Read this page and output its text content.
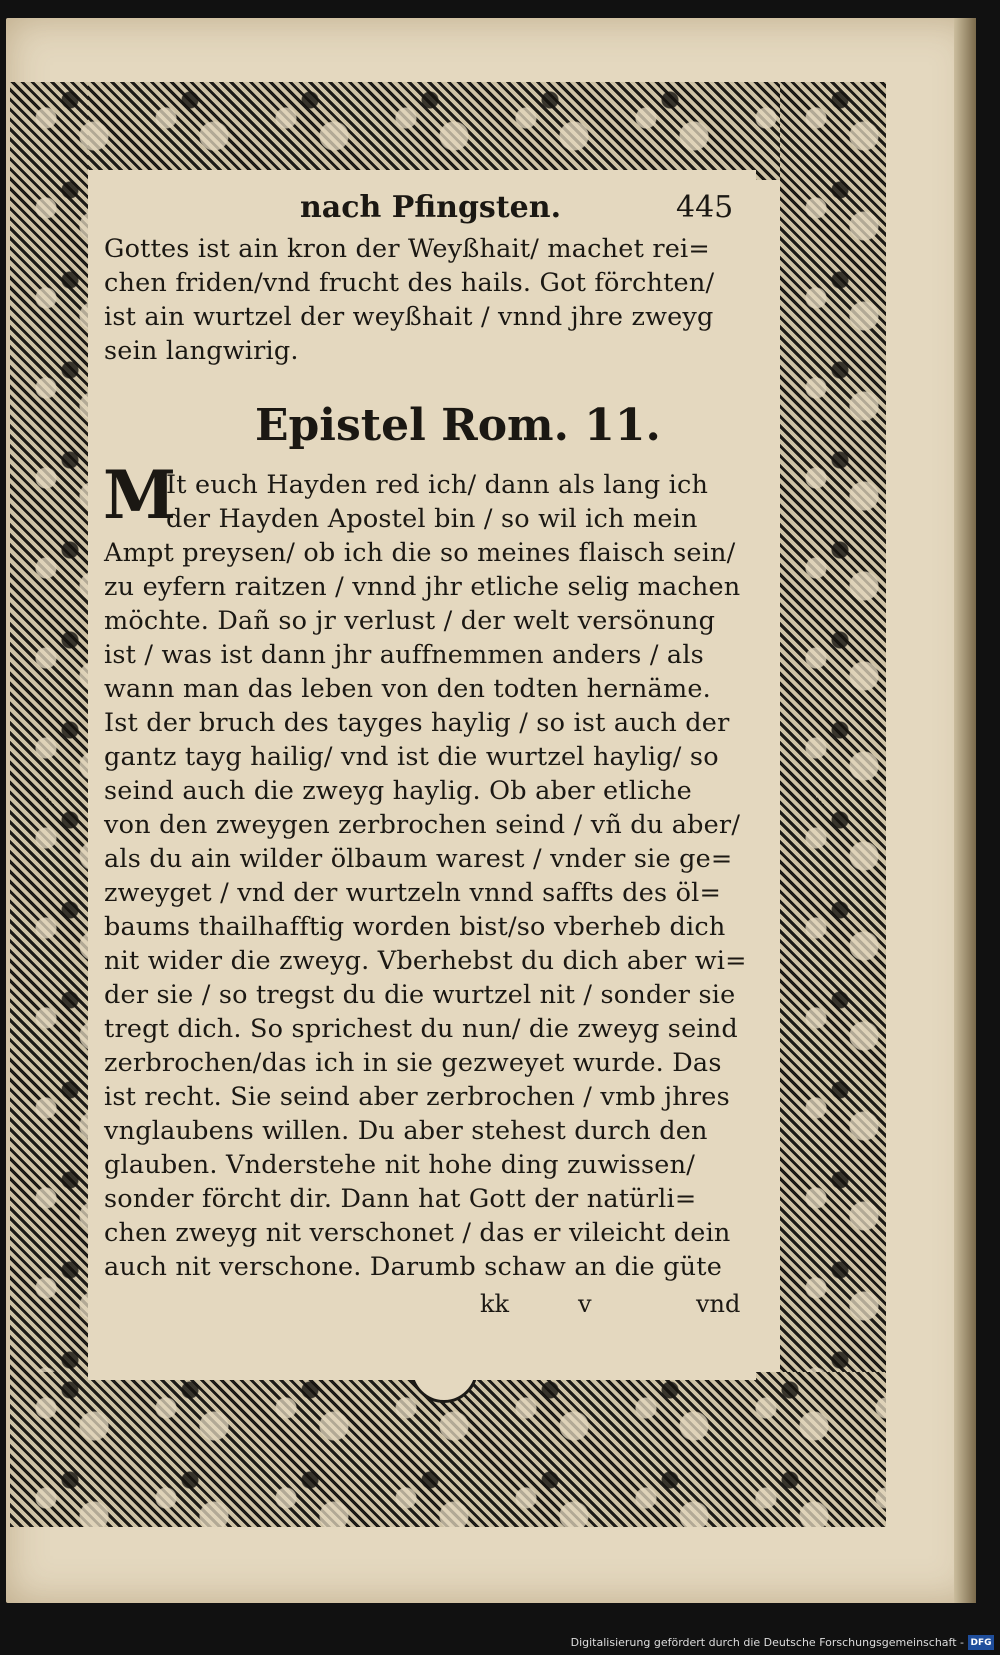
nach Pfingsten.	445
Gottes ist ain kron der Weyßhait/ machet rei=
chen friden/vnd frucht des hails. Got förchten/
ist ain wurtzel der weyßhait / vnnd jhre zweyg
sein langwirig.
Epistel Rom. 11.
M
It euch Hayden red ich/ dann als lang ich
der Hayden Apostel bin / so wil ich mein
Ampt preysen/ ob ich die so meines flaisch sein/
zu eyfern raitzen / vnnd jhr etliche selig machen
möchte. Dañ so jr verlust / der welt versönung
ist / was ist dann jhr auffnemmen anders / als
wann man das leben von den todten hernäme.
Ist der bruch des tayges haylig / so ist auch der
gantz tayg hailig/ vnd ist die wurtzel haylig/ so
seind auch die zweyg haylig. Ob aber etliche
von den zweygen zerbrochen seind / vñ du aber/
als du ain wilder ölbaum warest / vnder sie ge=
zweyget / vnd der wurtzeln vnnd saffts des öl=
baums thailhafftig worden bist/so vberheb dich
nit wider die zweyg. Vberhebst du dich aber wi=
der sie / so tregst du die wurtzel nit / sonder sie
tregt dich. So sprichest du nun/ die zweyg seind
zerbrochen/das ich in sie gezweyet wurde. Das
ist recht. Sie seind aber zerbrochen / vmb jhres
vnglaubens willen. Du aber stehest durch den
glauben. Vnderstehe nit hohe ding zuwissen/
sonder förcht dir. Dann hat Gott der natürli=
chen zweyg nit verschonet / das er vileicht dein
auch nit verschone. Darumb schaw an die güte
kk	v	vnd
Digitalisierung gefördert durch die Deutsche Forschungsgemeinschaft - DFG
